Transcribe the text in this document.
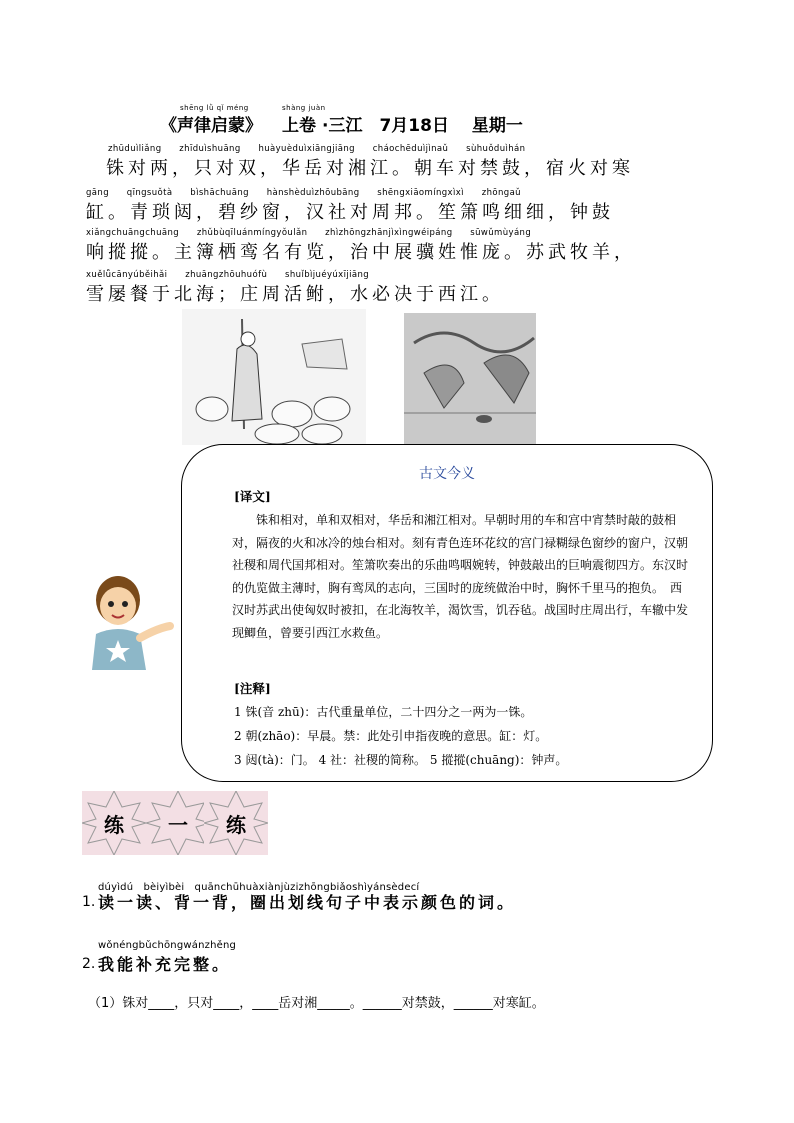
shēng lǜ qǐ méng
《声律启蒙》
shàng juàn
上卷 ·三江　7月18日　 星期一
zhūduìliǎng　　zhīduìshuāng　　huàyuèduìxiāngjiāng　　cháochēduìjìnaǔ　　sùhuǒduìhán
铢对两，只对双，华岳对湘江。朝车对禁鼓，宿火对寒
gāng　　qīngsuǒtà　　bìshāchuāng　　hànshèduìzhōubāng　　shēngxiāomíngxìxì　　zhōngaǔ
缸。青琐闼，碧纱窗，汉社对周邦。笙箫鸣细细，钟鼓
xiǎngchuāngchuāng　　zhǔbùqīluánmíngyǒulǎn　　zhìzhōngzhānjìxìngwéipáng　　sūwǔmùyáng
响摐摐。主簿栖鸾名有览，治中展骥姓惟庞。苏武牧羊，
xuělǚcānyúběihǎi　　zhuāngzhōuhuófù　　shuǐbìjuéyúxījiāng
雪屡餐于北海；庄周活鲋，水必决于西江。
古文今义
[译文]

铢和相对，单和双相对，华岳和湘江相对。早朝时用的车和宫中宵禁时敲的鼓相对，隔夜的火和冰冷的烛台相对。刻有青色连环花纹的宫门禄糊绿色窗纱的窗户，汉朝社稷和周代国邦相对。笙箫吹奏出的乐曲鸣咽婉转，钟鼓敲出的巨响震彻四方。东汉时的仇览做主薄时，胸有鸾凤的志向，三国时的庞统做治中时，胸怀千里马的抱负。　西汉时苏武出使匈奴时被扣，在北海牧羊，渴饮雪，饥吞毡。战国时庄周出行，车辙中发现鲫鱼，曾要引西江水救鱼。

[注释]
1 铢(音 zhū)：古代重量单位，二十四分之一两为一铢。
2 朝(zhāo)：早晨。禁：此处引申指夜晚的意思。缸：灯。
3 闼(tà)：门。 4 社：社稷的简称。 5 摐摐(chuāng)：钟声。
练	一	练
1.
dúyìdú　bèiyìbèi　quānchūhuàxiànjùzizhōngbiǎoshìyánsèdecí
读一读、背一背，圈出划线句子中表示颜色的词。
2.
wǒnéngbǔchōngwánzhěng
我能补充完整。
（1）铢对____，只对____，____岳对湘_____。______对禁鼓，______对寒缸。
